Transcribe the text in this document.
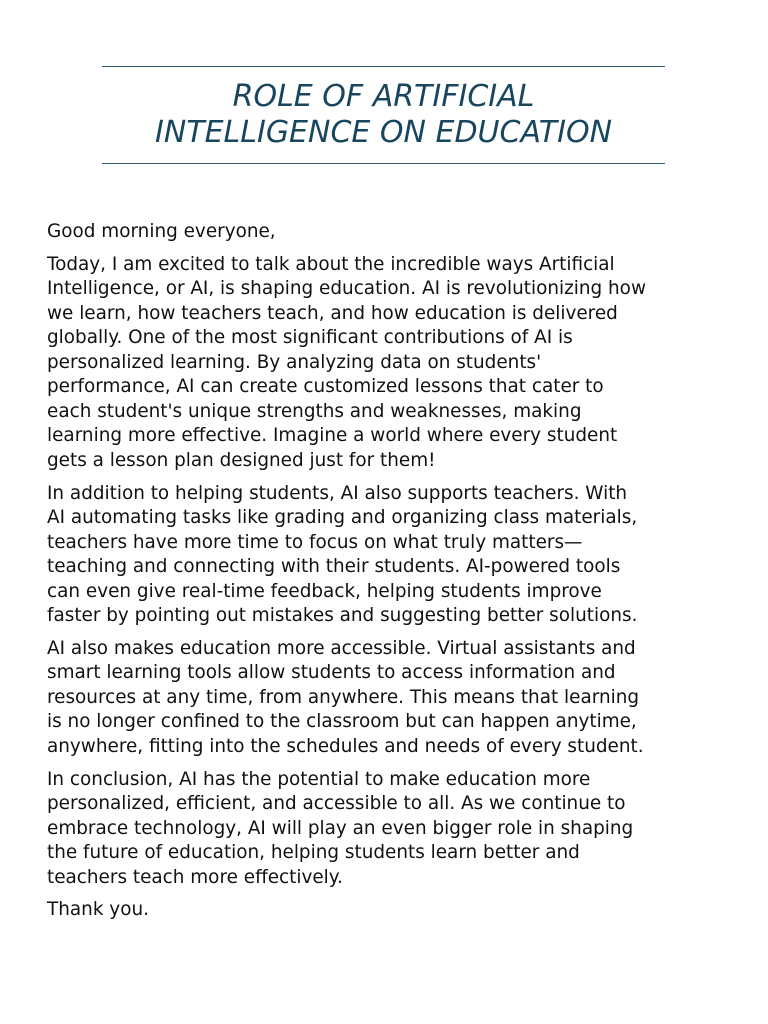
ROLE OF ARTIFICIAL
INTELLIGENCE ON EDUCATION

Good morning everyone,

Today, I am excited to talk about the incredible ways Artificial
Intelligence, or AI, is shaping education. AI is revolutionizing how
we learn, how teachers teach, and how education is delivered
globally. One of the most significant contributions of AI is
personalized learning. By analyzing data on students'
performance, AI can create customized lessons that cater to
each student's unique strengths and weaknesses, making
learning more effective. Imagine a world where every student
gets a lesson plan designed just for them!

In addition to helping students, AI also supports teachers. With
AI automating tasks like grading and organizing class materials,
teachers have more time to focus on what truly matters—
teaching and connecting with their students. AI-powered tools
can even give real-time feedback, helping students improve
faster by pointing out mistakes and suggesting better solutions.

AI also makes education more accessible. Virtual assistants and
smart learning tools allow students to access information and
resources at any time, from anywhere. This means that learning
is no longer confined to the classroom but can happen anytime,
anywhere, fitting into the schedules and needs of every student.

In conclusion, AI has the potential to make education more
personalized, efficient, and accessible to all. As we continue to
embrace technology, AI will play an even bigger role in shaping
the future of education, helping students learn better and
teachers teach more effectively.

Thank you.
